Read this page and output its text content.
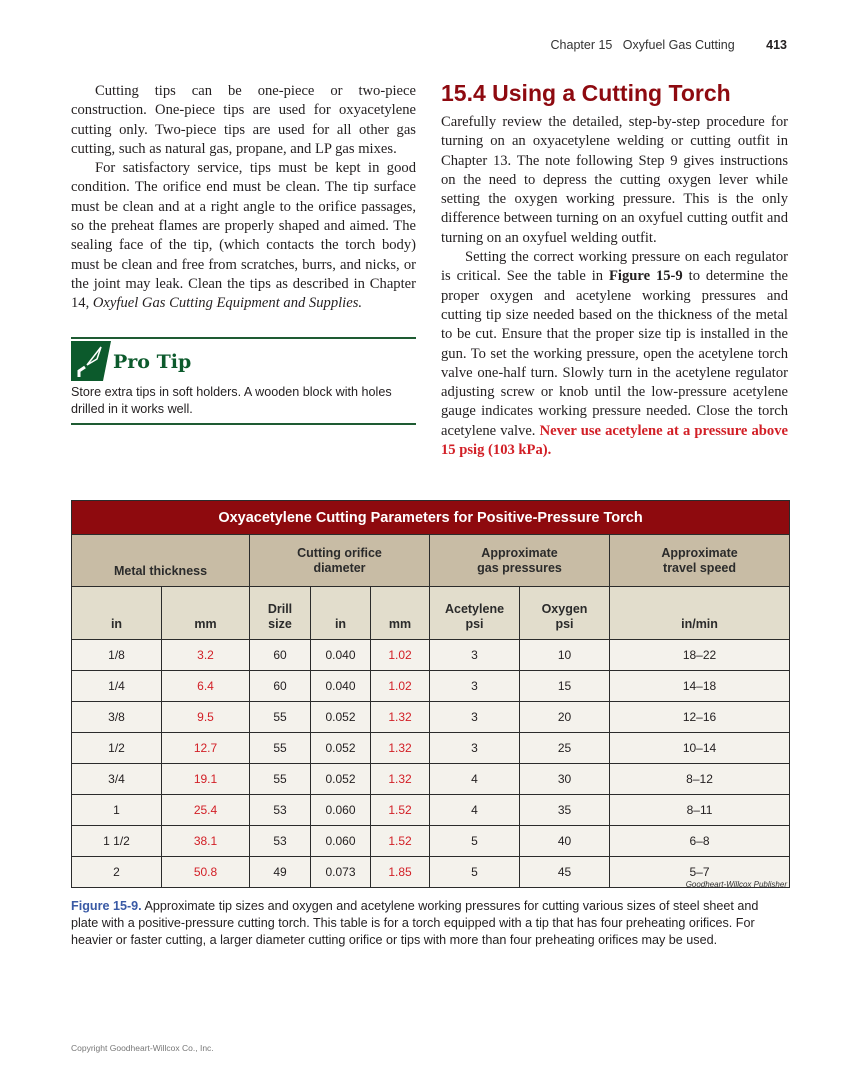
Chapter 15 Oxyfuel Gas Cutting	413

Cutting tips can be one-piece or two-piece construction. One-piece tips are used for oxyacetylene cutting only. Two-piece tips are used for all other gas cutting, such as natural gas, propane, and LP gas mixes.

For satisfactory service, tips must be kept in good condition. The orifice end must be clean. The tip surface must be clean and at a right angle to the orifice passages, so the preheat flames are properly shaped and aimed. The sealing face of the tip, (which contacts the torch body) must be clean and free from scratches, burrs, and nicks, or the joint may leak. Clean the tips as described in Chapter 14, Oxyfuel Gas Cutting Equipment and Supplies.

Pro Tip
Store extra tips in soft holders. A wooden block with holes drilled in it works well.
15.4 Using a Cutting Torch

Carefully review the detailed, step-by-step procedure for turning on an oxyacetylene welding or cutting outfit in Chapter 13. The note following Step 9 gives instructions on the need to depress the cutting oxygen lever while setting the oxygen working pressure. This is the only difference between turning on an oxyfuel cutting outfit and turning on an oxyfuel welding outfit.

Setting the correct working pressure on each regulator is critical. See the table in Figure 15-9 to determine the proper oxygen and acetylene working pressures and cutting tip size needed based on the thickness of the metal to be cut. Ensure that the proper size tip is installed in the gun. To set the working pressure, open the acetylene torch valve one-half turn. Slowly turn in the acetylene regulator adjusting screw or knob until the low-pressure acetylene gauge indicates working pressure needed. Close the torch acetylene valve. Never use acetylene at a pressure above 15 psig (103 kPa).

Oxyacetylene Cutting Parameters for Positive-Pressure Torch							
Metal thickness		Cutting orifice diameter			Approximate gas pressures		Approximate travel speed
in	mm	Drill size	in	mm	Acetylene psi	Oxygen psi	in/min
1/8	3.2	60	0.040	1.02	3	10	18–22
1/4	6.4	60	0.040	1.02	3	15	14–18
3/8	9.5	55	0.052	1.32	3	20	12–16
1/2	12.7	55	0.052	1.32	3	25	10–14
3/4	19.1	55	0.052	1.32	4	30	8–12
1	25.4	53	0.060	1.52	4	35	8–11
1 1/2	38.1	53	0.060	1.52	5	40	6–8
2	50.8	49	0.073	1.85	5	45	5–7
Goodheart-Willcox Publisher
Figure 15-9. Approximate tip sizes and oxygen and acetylene working pressures for cutting various sizes of steel sheet and plate with a positive-pressure cutting torch. This table is for a torch equipped with a tip that has four preheating orifices. For heavier or faster cutting, a larger diameter cutting orifice or tips with more than four preheating orifices may be used.
Copyright Goodheart-Willcox Co., Inc.
